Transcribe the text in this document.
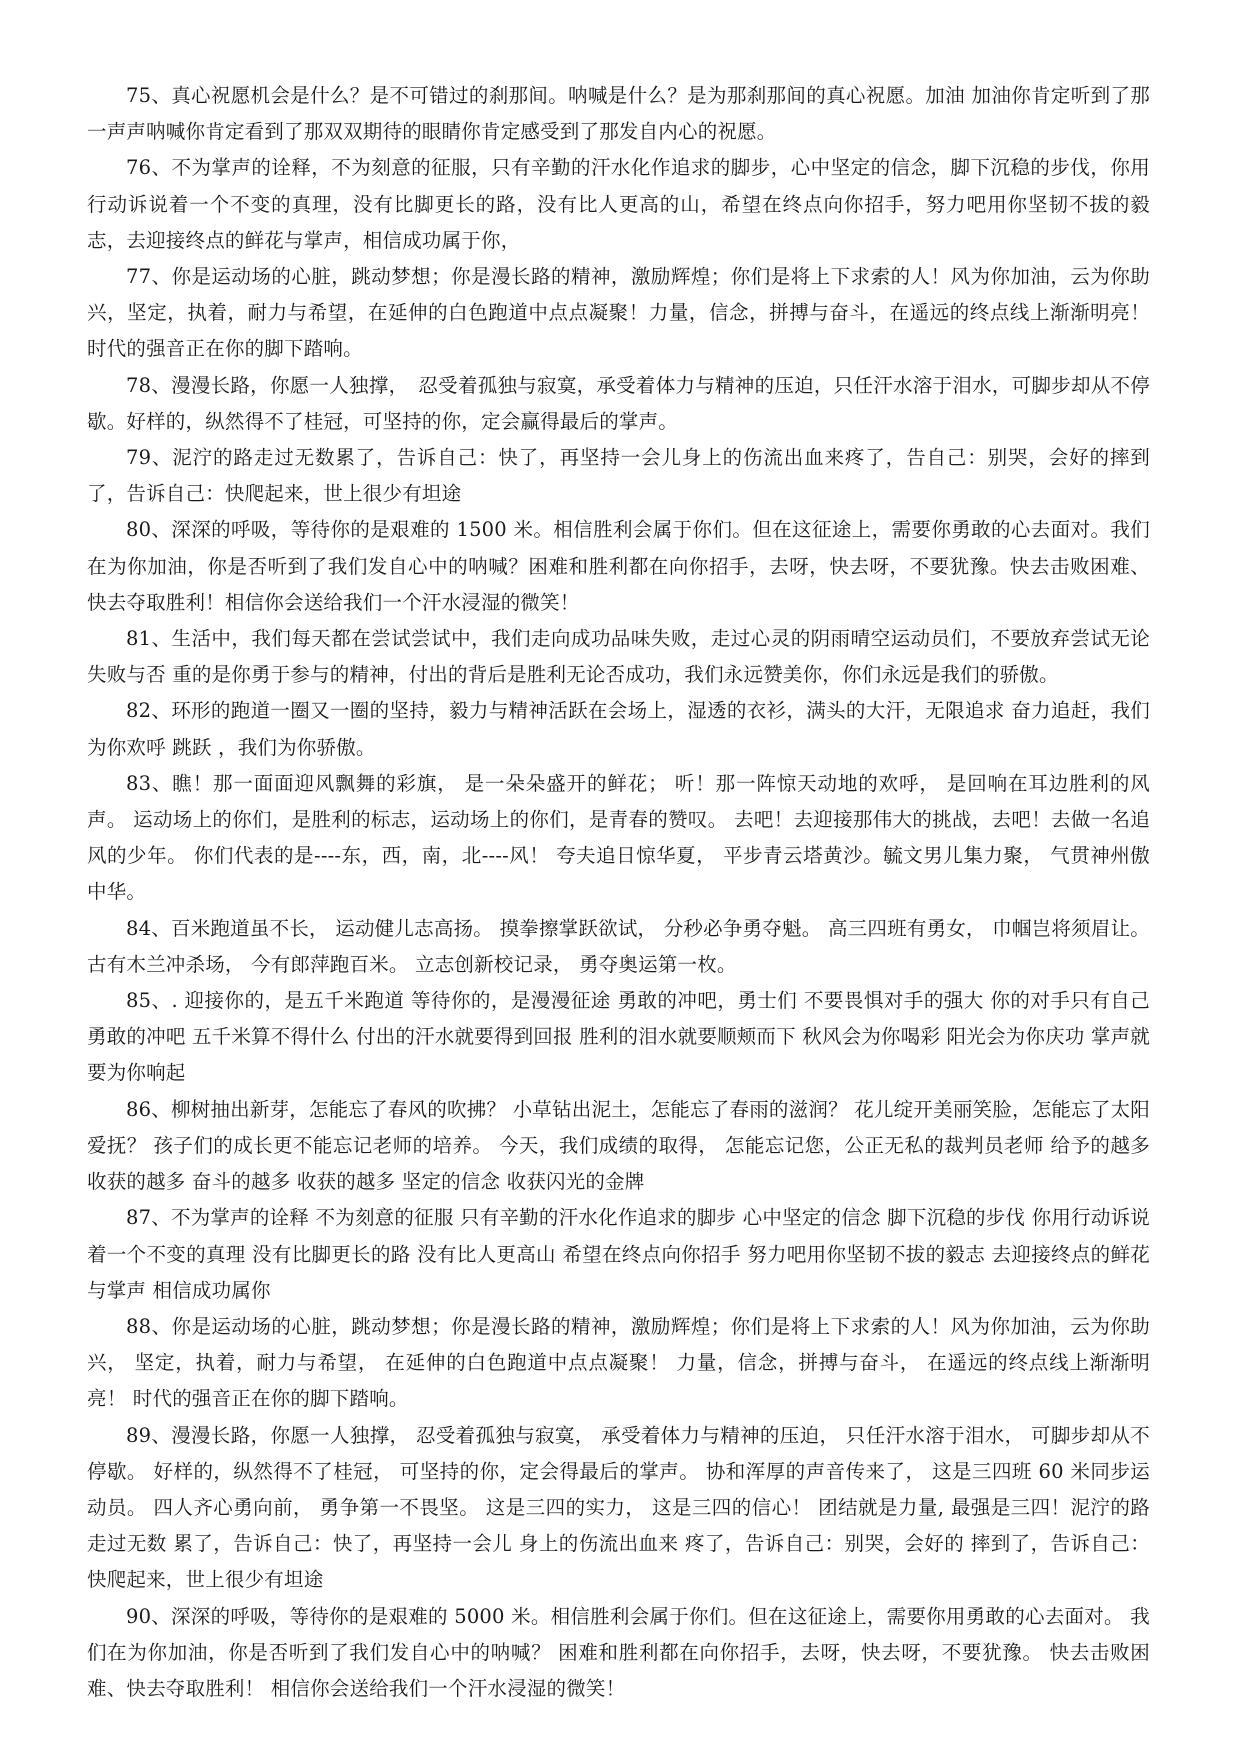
75、真心祝愿机会是什么？是不可错过的刹那间。呐喊是什么？是为那刹那间的真心祝愿。加油 加油你肯定听到了那一声声呐喊你肯定看到了那双双期待的眼睛你肯定感受到了那发自内心的祝愿。

76、不为掌声的诠释，不为刻意的征服，只有辛勤的汗水化作追求的脚步，心中坚定的信念，脚下沉稳的步伐，你用行动诉说着一个不变的真理，没有比脚更长的路，没有比人更高的山，希望在终点向你招手，努力吧用你坚韧不拔的毅志，去迎接终点的鲜花与掌声，相信成功属于你，

77、你是运动场的心脏，跳动梦想；你是漫长路的精神，激励辉煌；你们是将上下求索的人！风为你加油，云为你助兴，坚定，执着，耐力与希望，在延伸的白色跑道中点点凝聚！力量，信念，拼搏与奋斗，在遥远的终点线上渐渐明亮！时代的强音正在你的脚下踏响。

78、漫漫长路，你愿一人独撑，　忍受着孤独与寂寞，承受着体力与精神的压迫，只任汗水溶于泪水，可脚步却从不停歇。好样的，纵然得不了桂冠，可坚持的你，定会赢得最后的掌声。

79、泥泞的路走过无数累了，告诉自己：快了，再坚持一会儿身上的伤流出血来疼了，告自己：别哭，会好的摔到了，告诉自己：快爬起来，世上很少有坦途

80、深深的呼吸，等待你的是艰难的 1500 米。相信胜利会属于你们。但在这征途上，需要你勇敢的心去面对。我们在为你加油，你是否听到了我们发自心中的呐喊？困难和胜利都在向你招手，去呀，快去呀，不要犹豫。快去击败困难、快去夺取胜利！相信你会送给我们一个汗水浸湿的微笑！

81、生活中，我们每天都在尝试尝试中，我们走向成功品味失败，走过心灵的阴雨晴空运动员们，不要放弃尝试无论失败与否 重的是你勇于参与的精神，付出的背后是胜利无论否成功，我们永远赞美你，你们永远是我们的骄傲。

82、环形的跑道一圈又一圈的坚持，毅力与精神活跃在会场上，湿透的衣衫，满头的大汗，无限追求 奋力追赶，我们为你欢呼 跳跃 ，我们为你骄傲。

83、瞧！那一面面迎风飘舞的彩旗， 是一朵朵盛开的鲜花； 听！那一阵惊天动地的欢呼， 是回响在耳边胜利的风声。 运动场上的你们，是胜利的标志，运动场上的你们，是青春的赞叹。 去吧！去迎接那伟大的挑战，去吧！去做一名追风的少年。 你们代表的是----东，西，南，北----风！ 夸夫追日惊华夏， 平步青云塔黄沙。毓文男儿集力聚， 气贯神州傲中华。

84、百米跑道虽不长， 运动健儿志高扬。 摸拳擦掌跃欲试， 分秒必争勇夺魁。 高三四班有勇女， 巾帼岂将须眉让。 古有木兰冲杀场， 今有郎萍跑百米。 立志创新校记录， 勇夺奥运第一枚。

85、. 迎接你的，是五千米跑道 等待你的，是漫漫征途 勇敢的冲吧，勇士们 不要畏惧对手的强大 你的对手只有自己 勇敢的冲吧 五千米算不得什么 付出的汗水就要得到回报 胜利的泪水就要顺颊而下 秋风会为你喝彩 阳光会为你庆功 掌声就要为你响起

86、柳树抽出新芽，怎能忘了春风的吹拂？ 小草钻出泥土，怎能忘了春雨的滋润？ 花儿绽开美丽笑脸，怎能忘了太阳爱抚？ 孩子们的成长更不能忘记老师的培养。 今天，我们成绩的取得， 怎能忘记您，公正无私的裁判员老师 给予的越多 收获的越多 奋斗的越多 收获的越多 坚定的信念 收获闪光的金牌

87、不为掌声的诠释 不为刻意的征服 只有辛勤的汗水化作追求的脚步 心中坚定的信念 脚下沉稳的步伐 你用行动诉说着一个不变的真理 没有比脚更长的路 没有比人更高山 希望在终点向你招手 努力吧用你坚韧不拔的毅志 去迎接终点的鲜花与掌声 相信成功属你

88、你是运动场的心脏，跳动梦想；你是漫长路的精神，激励辉煌；你们是将上下求索的人！风为你加油，云为你助兴， 坚定，执着，耐力与希望， 在延伸的白色跑道中点点凝聚！ 力量，信念，拼搏与奋斗， 在遥远的终点线上渐渐明亮！ 时代的强音正在你的脚下踏响。

89、漫漫长路，你愿一人独撑， 忍受着孤独与寂寞， 承受着体力与精神的压迫， 只任汗水溶于泪水， 可脚步却从不停歇。 好样的，纵然得不了桂冠， 可坚持的你，定会得最后的掌声。 协和浑厚的声音传来了， 这是三四班 60 米同步运动员。 四人齐心勇向前， 勇争第一不畏坚。 这是三四的实力， 这是三四的信心！ 团结就是力量, 最强是三四！泥泞的路走过无数 累了，告诉自己：快了，再坚持一会儿 身上的伤流出血来 疼了，告诉自己：别哭，会好的 摔到了，告诉自己：快爬起来，世上很少有坦途

90、深深的呼吸，等待你的是艰难的 5000 米。相信胜利会属于你们。但在这征途上，需要你用勇敢的心去面对。 我们在为你加油，你是否听到了我们发自心中的呐喊？ 困难和胜利都在向你招手，去呀，快去呀，不要犹豫。 快去击败困难、快去夺取胜利！ 相信你会送给我们一个汗水浸湿的微笑！
